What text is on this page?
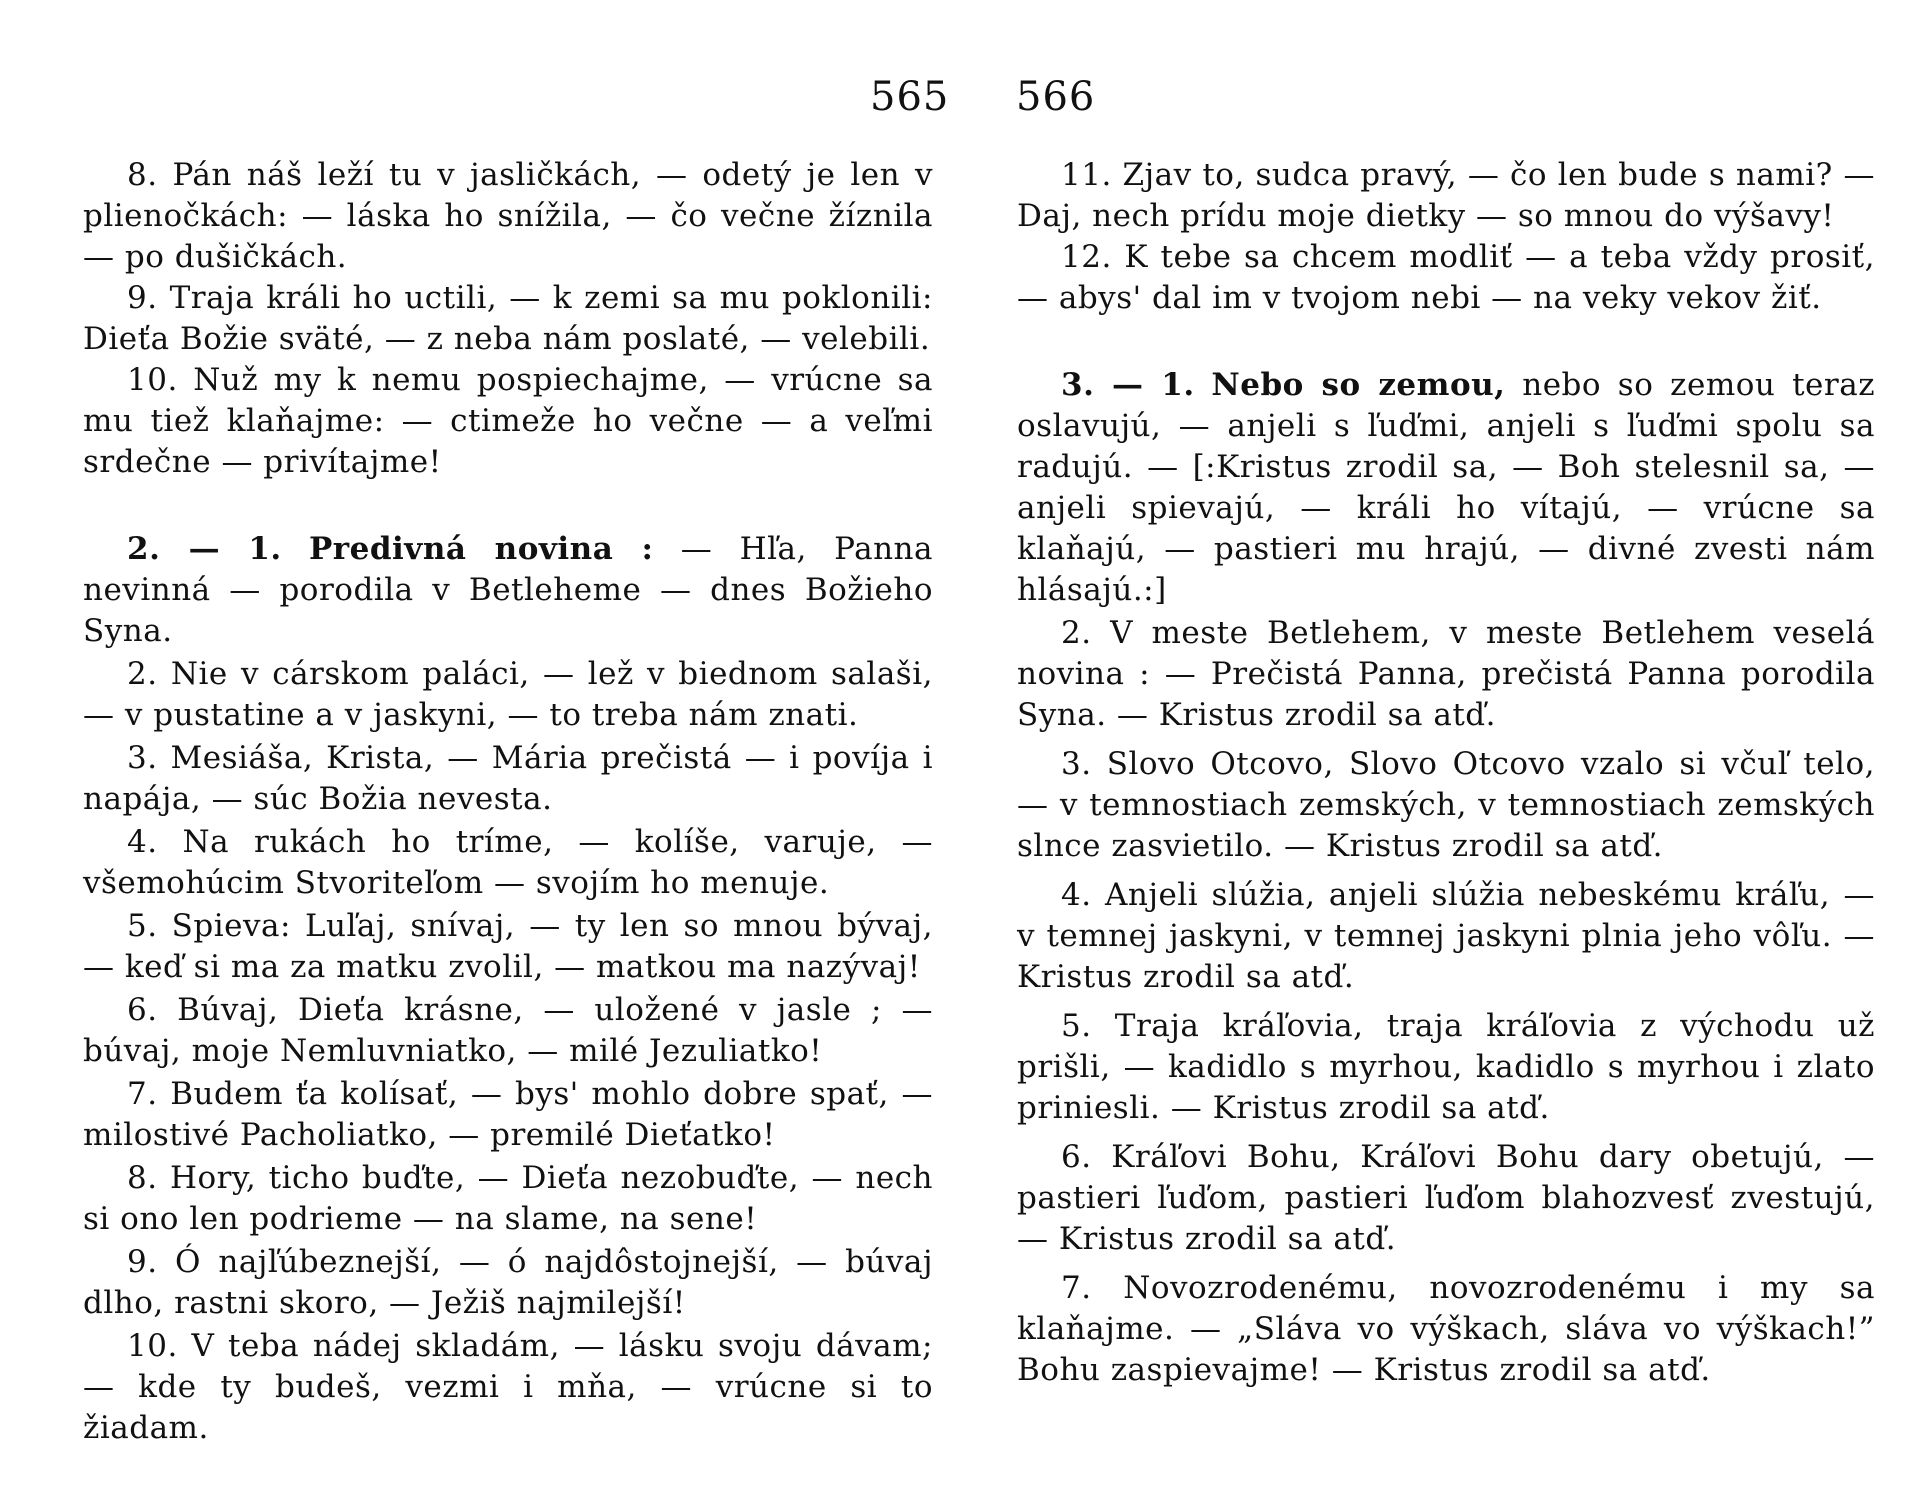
565

8. Pán náš leží tu v jasličkách, — odetý je len v plienočkách: — láska ho snížila, — čo večne žíznila — po dušičkách.

9. Traja králi ho uctili, — k zemi sa mu poklonili: Dieťa Božie sväté, — z neba nám poslaté, — velebili.

10. Nuž my k nemu pospiechajme, — vrúcne sa mu tiež klaňajme: — ctimeže ho večne — a veľmi srdečne — privítajme!

2. — 1. Predivná novina : — Hľa, Panna nevinná — porodila v Betleheme — dnes Božieho Syna.

2. Nie v cárskom paláci, — lež v biednom salaši, — v pustatine a v jaskyni, — to treba nám znati.

3. Mesiáša, Krista, — Mária prečistá — i povíja i napája, — súc Božia nevesta.

4. Na rukách ho tríme, — kolíše, varuje, — všemohúcim Stvoriteľom — svojím ho menuje.

5. Spieva: Luľaj, snívaj, — ty len so mnou bývaj, — keď si ma za matku zvolil, — matkou ma nazývaj!

6. Búvaj, Dieťa krásne, — uložené v jasle ; — búvaj, moje Nemluvniatko, — milé Jezuliatko!

7. Budem ťa kolísať, — bys' mohlo dobre spať, — milostivé Pacholiatko, — premilé Dieťatko!

8. Hory, ticho buďte, — Dieťa nezobuďte, — nech si ono len podrieme — na slame, na sene!

9. Ó najľúbeznejší, — ó najdôstojnejší, — búvaj dlho, rastni skoro, — Ježiš najmilejší!

10. V teba nádej skladám, — lásku svoju dávam; — kde ty budeš, vezmi i mňa, — vrúcne si to žiadam.

566

11. Zjav to, sudca pravý, — čo len bude s nami? — Daj, nech prídu moje dietky — so mnou do výšavy!

12. K tebe sa chcem modliť — a teba vždy prosiť, — abys' dal im v tvojom nebi — na veky vekov žiť.

3. — 1. Nebo so zemou, nebo so zemou teraz oslavujú, — anjeli s ľuďmi, anjeli s ľuďmi spolu sa radujú. — [:Kristus zrodil sa, — Boh stelesnil sa, — anjeli spievajú, — králi ho vítajú, — vrúcne sa klaňajú, — pastieri mu hrajú, — divné zvesti nám hlásajú.:]

2. V meste Betlehem, v meste Betlehem veselá novina : — Prečistá Panna, prečistá Panna porodila Syna. — Kristus zrodil sa atď.

3. Slovo Otcovo, Slovo Otcovo vzalo si včuľ telo, — v temnostiach zemských, v temnostiach zemských slnce zasvietilo. — Kristus zrodil sa atď.

4. Anjeli slúžia, anjeli slúžia nebeskému kráľu, — v temnej jaskyni, v temnej jaskyni plnia jeho vôľu. — Kristus zrodil sa atď.

5. Traja kráľovia, traja kráľovia z východu už prišli, — kadidlo s myrhou, kadidlo s myrhou i zlato priniesli. — Kristus zrodil sa atď.

6. Kráľovi Bohu, Kráľovi Bohu dary obetujú, — pastieri ľuďom, pastieri ľuďom blahozvesť zvestujú, — Kristus zrodil sa atď.

7. Novozrodenému, novozrodenému i my sa klaňajme. — „Sláva vo výškach, sláva vo výškach!” Bohu zaspievajme! — Kristus zrodil sa atď.
